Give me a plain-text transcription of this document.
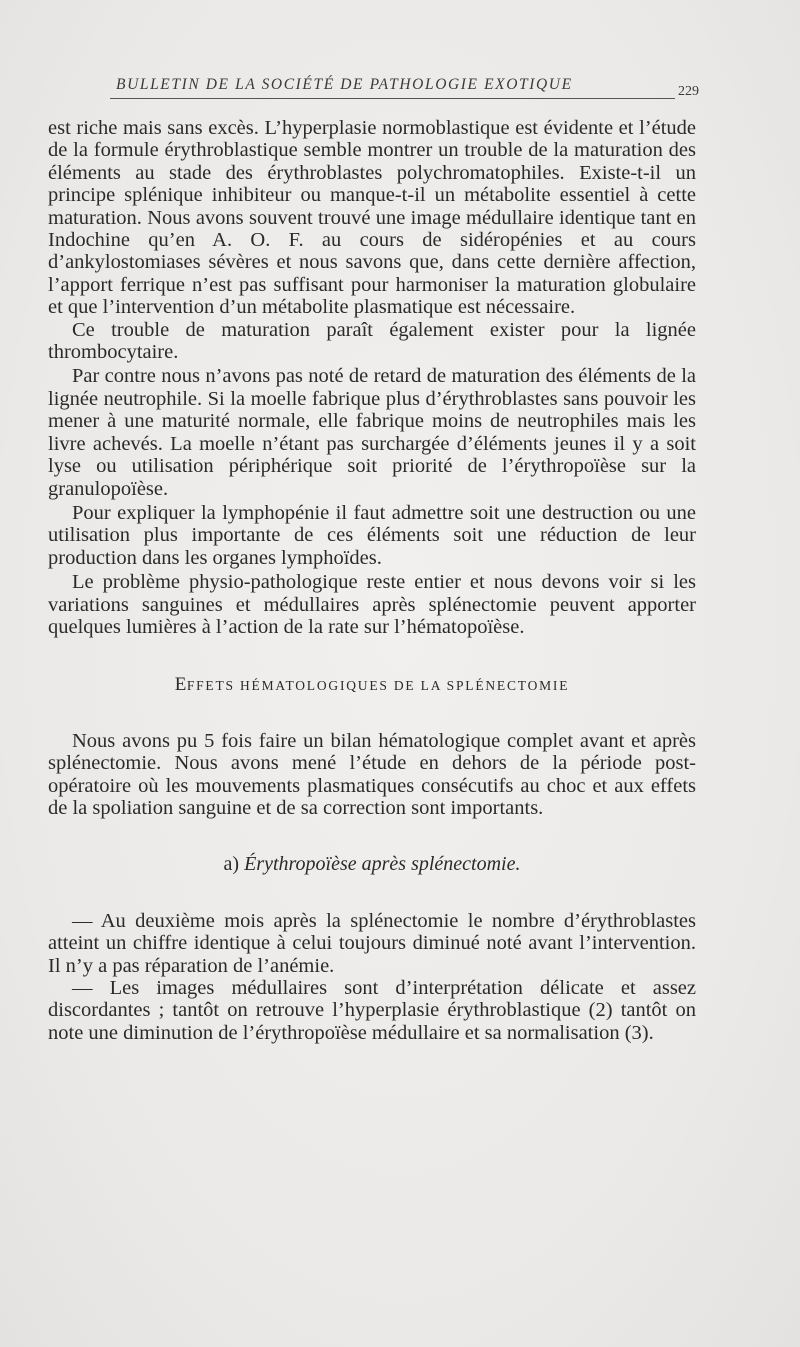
BULLETIN DE LA SOCIÉTÉ DE PATHOLOGIE EXOTIQUE	229

est riche mais sans excès. L’hyperplasie normoblastique est évidente et l’étude de la formule érythroblastique semble montrer un trouble de la maturation des éléments au stade des érythroblastes polychromatophiles. Existe-t-il un principe splénique inhibiteur ou manque-t-il un métabolite essentiel à cette maturation. Nous avons souvent trouvé une image médullaire identique tant en Indochine qu’en A. O. F. au cours de sidéropénies et au cours d’ankylostomiases sévères et nous savons que, dans cette dernière affection, l’apport ferrique n’est pas suffisant pour harmoniser la maturation globulaire et que l’intervention d’un métabolite plasmatique est nécessaire.

Ce trouble de maturation paraît également exister pour la lignée thrombocytaire.

Par contre nous n’avons pas noté de retard de maturation des éléments de la lignée neutrophile. Si la moelle fabrique plus d’érythroblastes sans pouvoir les mener à une maturité normale, elle fabrique moins de neutrophiles mais les livre achevés. La moelle n’étant pas surchargée d’éléments jeunes il y a soit lyse ou utilisation périphérique soit priorité de l’érythropoïèse sur la granulopoïèse.

Pour expliquer la lymphopénie il faut admettre soit une destruction ou une utilisation plus importante de ces éléments soit une réduction de leur production dans les organes lymphoïdes.

Le problème physio-pathologique reste entier et nous devons voir si les variations sanguines et médullaires après splénectomie peuvent apporter quelques lumières à l’action de la rate sur l’hématopoïèse.

EFFETS HÉMATOLOGIQUES DE LA SPLÉNECTOMIE

Nous avons pu 5 fois faire un bilan hématologique complet avant et après splénectomie. Nous avons mené l’étude en dehors de la période post-opératoire où les mouvements plasmatiques consécutifs au choc et aux effets de la spoliation sanguine et de sa correction sont importants.

a) Érythropoïèse après splénectomie.

— Au deuxième mois après la splénectomie le nombre d’érythroblastes atteint un chiffre identique à celui toujours diminué noté avant l’intervention. Il n’y a pas réparation de l’anémie.

— Les images médullaires sont d’interprétation délicate et assez discordantes ; tantôt on retrouve l’hyperplasie érythroblastique (2) tantôt on note une diminution de l’érythropoïèse médullaire et sa normalisation (3).
